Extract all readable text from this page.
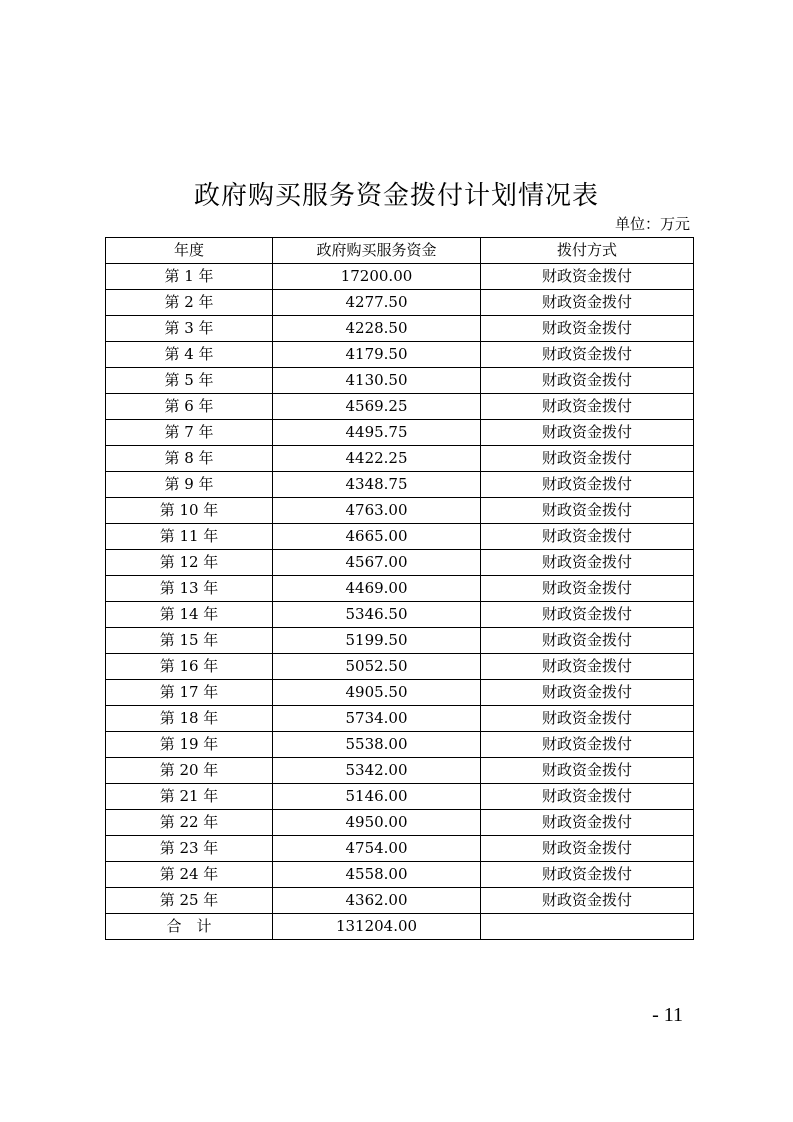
政府购买服务资金拨付计划情况表
单位：万元
年度	政府购买服务资金	拨付方式
第 1 年	17200.00	财政资金拨付
第 2 年	4277.50	财政资金拨付
第 3 年	4228.50	财政资金拨付
第 4 年	4179.50	财政资金拨付
第 5 年	4130.50	财政资金拨付
第 6 年	4569.25	财政资金拨付
第 7 年	4495.75	财政资金拨付
第 8 年	4422.25	财政资金拨付
第 9 年	4348.75	财政资金拨付
第 10 年	4763.00	财政资金拨付
第 11 年	4665.00	财政资金拨付
第 12 年	4567.00	财政资金拨付
第 13 年	4469.00	财政资金拨付
第 14 年	5346.50	财政资金拨付
第 15 年	5199.50	财政资金拨付
第 16 年	5052.50	财政资金拨付
第 17 年	4905.50	财政资金拨付
第 18 年	5734.00	财政资金拨付
第 19 年	5538.00	财政资金拨付
第 20 年	5342.00	财政资金拨付
第 21 年	5146.00	财政资金拨付
第 22 年	4950.00	财政资金拨付
第 23 年	4754.00	财政资金拨付
第 24 年	4558.00	财政资金拨付
第 25 年	4362.00	财政资金拨付
合　计	131204.00	
- 11
